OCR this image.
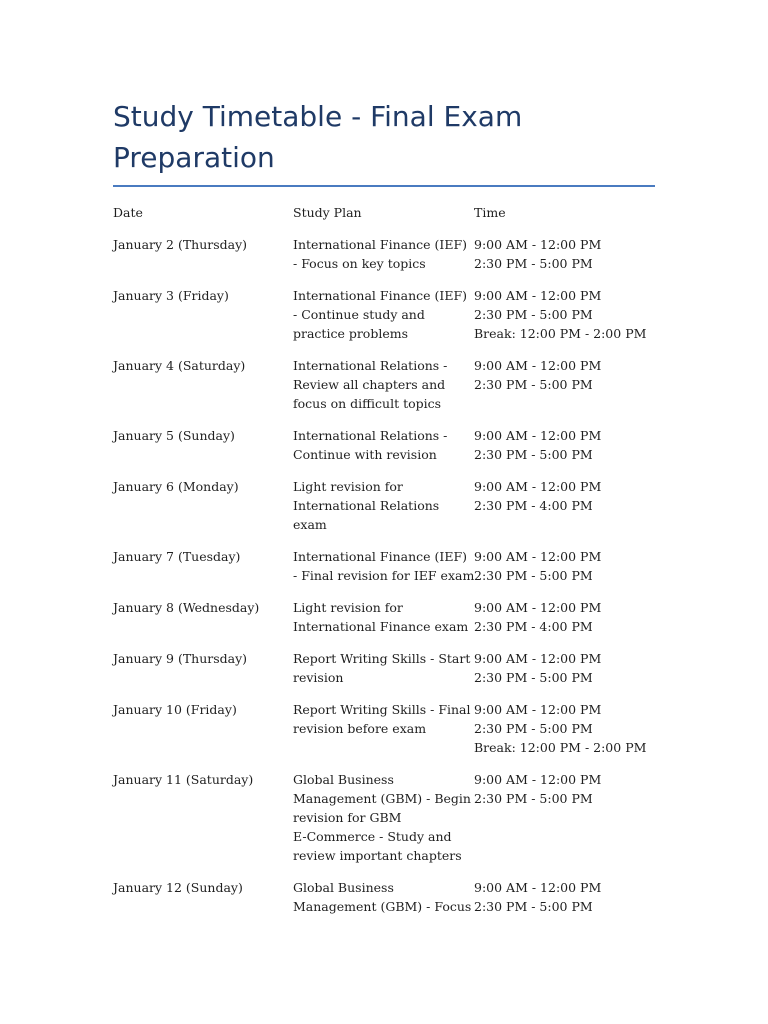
Study Timetable - Final Exam Preparation
Date	Study Plan	Time
January 2 (Thursday)	International Finance (IEF)
- Focus on key topics	9:00 AM - 12:00 PM
2:30 PM - 5:00 PM

January 3 (Friday)	International Finance (IEF)
- Continue study and
practice problems	9:00 AM - 12:00 PM
2:30 PM - 5:00 PM
Break: 12:00 PM - 2:00 PM

January 4 (Saturday)	International Relations -
Review all chapters and
focus on difficult topics	9:00 AM - 12:00 PM
2:30 PM - 5:00 PM

January 5 (Sunday)	International Relations -
Continue with revision	9:00 AM - 12:00 PM
2:30 PM - 5:00 PM

January 6 (Monday)	Light revision for
International Relations
exam	9:00 AM - 12:00 PM
2:30 PM - 4:00 PM

January 7 (Tuesday)	International Finance (IEF)
- Final revision for IEF exam	9:00 AM - 12:00 PM
2:30 PM - 5:00 PM

January 8 (Wednesday)	Light revision for
International Finance exam	9:00 AM - 12:00 PM
2:30 PM - 4:00 PM

January 9 (Thursday)	Report Writing Skills - Start
revision	9:00 AM - 12:00 PM
2:30 PM - 5:00 PM

January 10 (Friday)	Report Writing Skills - Final
revision before exam	9:00 AM - 12:00 PM
2:30 PM - 5:00 PM
Break: 12:00 PM - 2:00 PM

January 11 (Saturday)	Global Business
Management (GBM) - Begin
revision for GBM
E-Commerce - Study and
review important chapters	9:00 AM - 12:00 PM
2:30 PM - 5:00 PM

January 12 (Sunday)	Global Business
Management (GBM) - Focus	9:00 AM - 12:00 PM
2:30 PM - 5:00 PM
